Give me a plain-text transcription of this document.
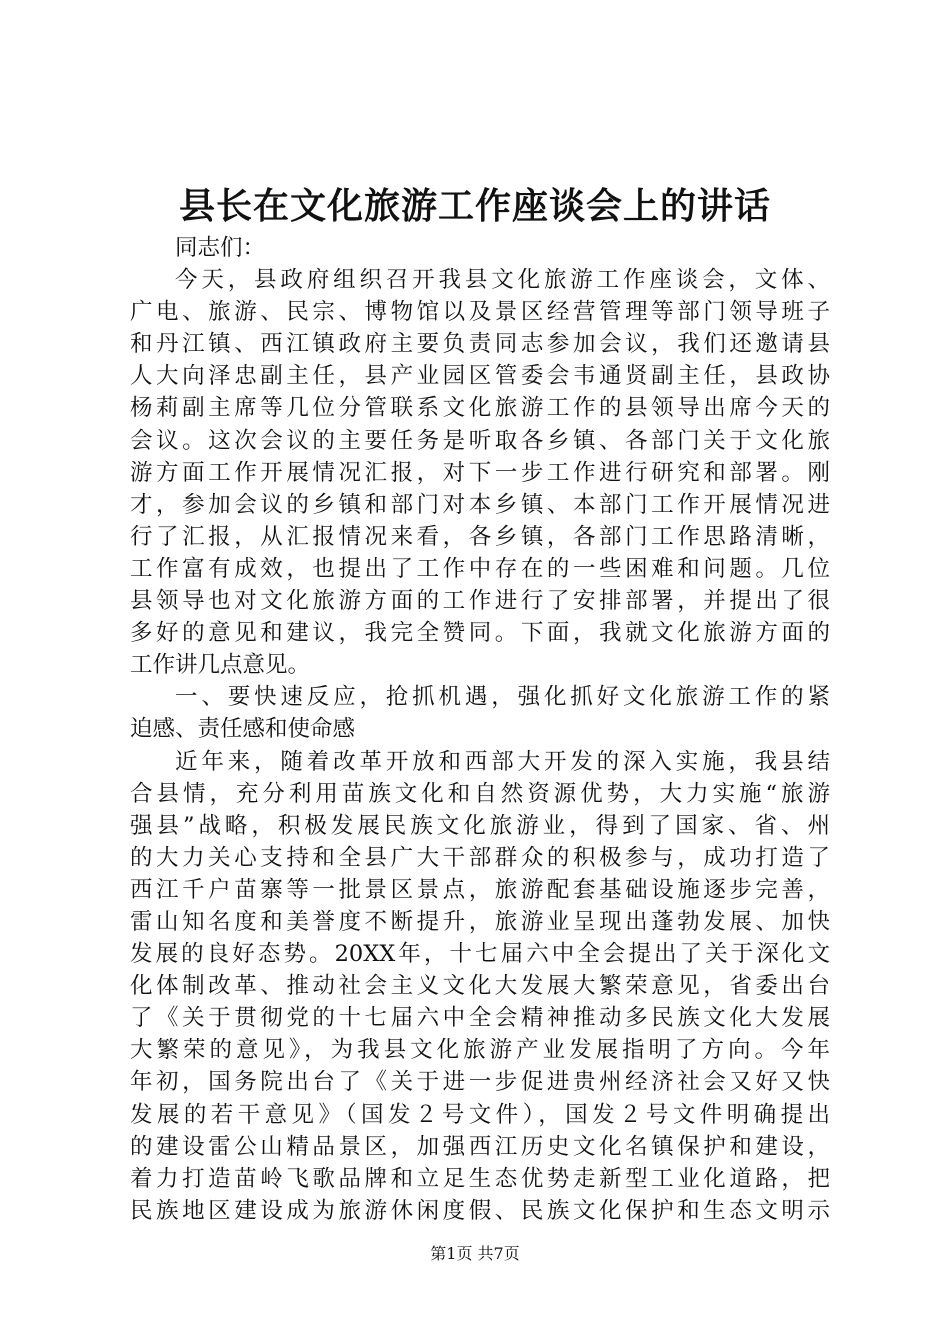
县长在文化旅游工作座谈会上的讲话
同志们：
今天，县政府组织召开我县文化旅游工作座谈会，文体、
广电、旅游、民宗、博物馆以及景区经营管理等部门领导班子
和丹江镇、西江镇政府主要负责同志参加会议，我们还邀请县
人大向泽忠副主任，县产业园区管委会韦通贤副主任，县政协
杨莉副主席等几位分管联系文化旅游工作的县领导出席今天的
会议。这次会议的主要任务是听取各乡镇、各部门关于文化旅
游方面工作开展情况汇报，对下一步工作进行研究和部署。刚
才，参加会议的乡镇和部门对本乡镇、本部门工作开展情况进
行了汇报，从汇报情况来看，各乡镇，各部门工作思路清晰，
工作富有成效，也提出了工作中存在的一些困难和问题。几位
县领导也对文化旅游方面的工作进行了安排部署，并提出了很
多好的意见和建议，我完全赞同。下面，我就文化旅游方面的
工作讲几点意见。
一、要快速反应，抢抓机遇，强化抓好文化旅游工作的紧
迫感、责任感和使命感
近年来，随着改革开放和西部大开发的深入实施，我县结
合县情，充分利用苗族文化和自然资源优势，大力实施“旅游
强县”战略，积极发展民族文化旅游业，得到了国家、省、州
的大力关心支持和全县广大干部群众的积极参与，成功打造了
西江千户苗寨等一批景区景点，旅游配套基础设施逐步完善，
雷山知名度和美誉度不断提升，旅游业呈现出蓬勃发展、加快
发展的良好态势。20XX年，十七届六中全会提出了关于深化文
化体制改革、推动社会主义文化大发展大繁荣意见，省委出台
了《关于贯彻党的十七届六中全会精神推动多民族文化大发展
大繁荣的意见》，为我县文化旅游产业发展指明了方向。今年
年初，国务院出台了《关于进一步促进贵州经济社会又好又快
发展的若干意见》（国发２号文件），国发２号文件明确提出
的建设雷公山精品景区，加强西江历史文化名镇保护和建设，
着力打造苗岭飞歌品牌和立足生态优势走新型工业化道路，把
民族地区建设成为旅游休闲度假、民族文化保护和生态文明示
第1页 共7页
